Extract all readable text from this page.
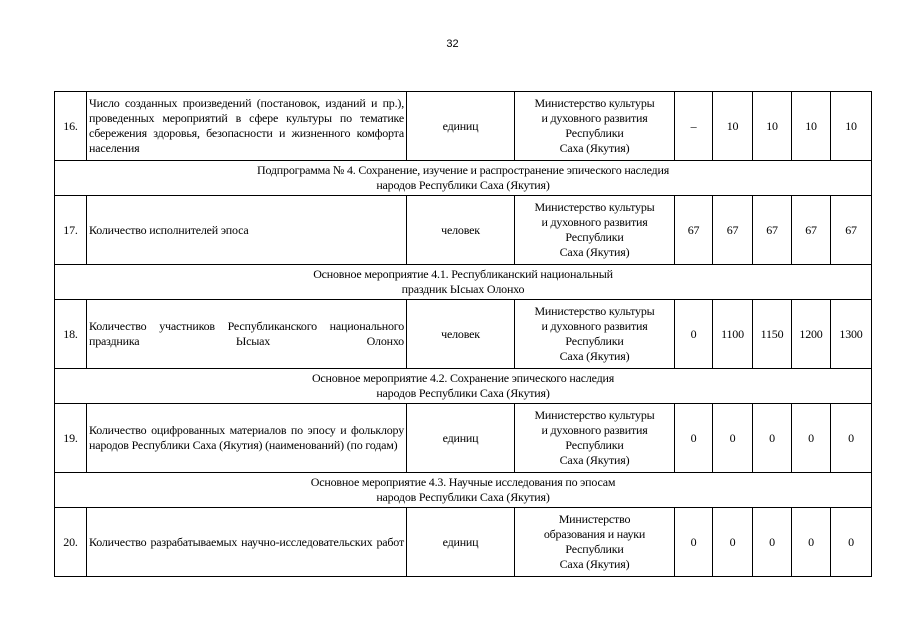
32
16.	Число созданных произведений (постановок, изданий и пр.), проведенных мероприятий в сфере культуры по тематике сбережения здоровья, безопасности и жизненного комфорта населения	единиц	Министерство культуры
и духовного развития
Республики
Саха (Якутия)	–	10	10	10	10

Подпрограмма № 4. Сохранение, изучение и распространение эпического наследия
народов Республики Саха (Якутия)								

17.	Количество исполнителей эпоса	человек	Министерство культуры
и духовного развития
Республики
Саха (Якутия)	67	67	67	67	67

Основное мероприятие 4.1. Республиканский национальный
праздник Ысыах Олонхо								

18.	Количество участников Республиканского национального праздника Ысыах Олонхо	человек	Министерство культуры
и духовного развития
Республики
Саха (Якутия)	0	1100	1150	1200	1300

Основное мероприятие 4.2. Сохранение эпического наследия
народов Республики Саха (Якутия)								

19.	Количество оцифрованных материалов по эпосу и фольклору народов Республики Саха (Якутия) (наименований) (по годам)	единиц	Министерство культуры
и духовного развития
Республики
Саха (Якутия)	0	0	0	0	0

Основное мероприятие 4.3. Научные исследования по эпосам
народов Республики Саха (Якутия)								

20.	Количество разрабатываемых научно-исследовательских работ	единиц	Министерство
образования и науки
Республики
Саха (Якутия)	0	0	0	0	0
